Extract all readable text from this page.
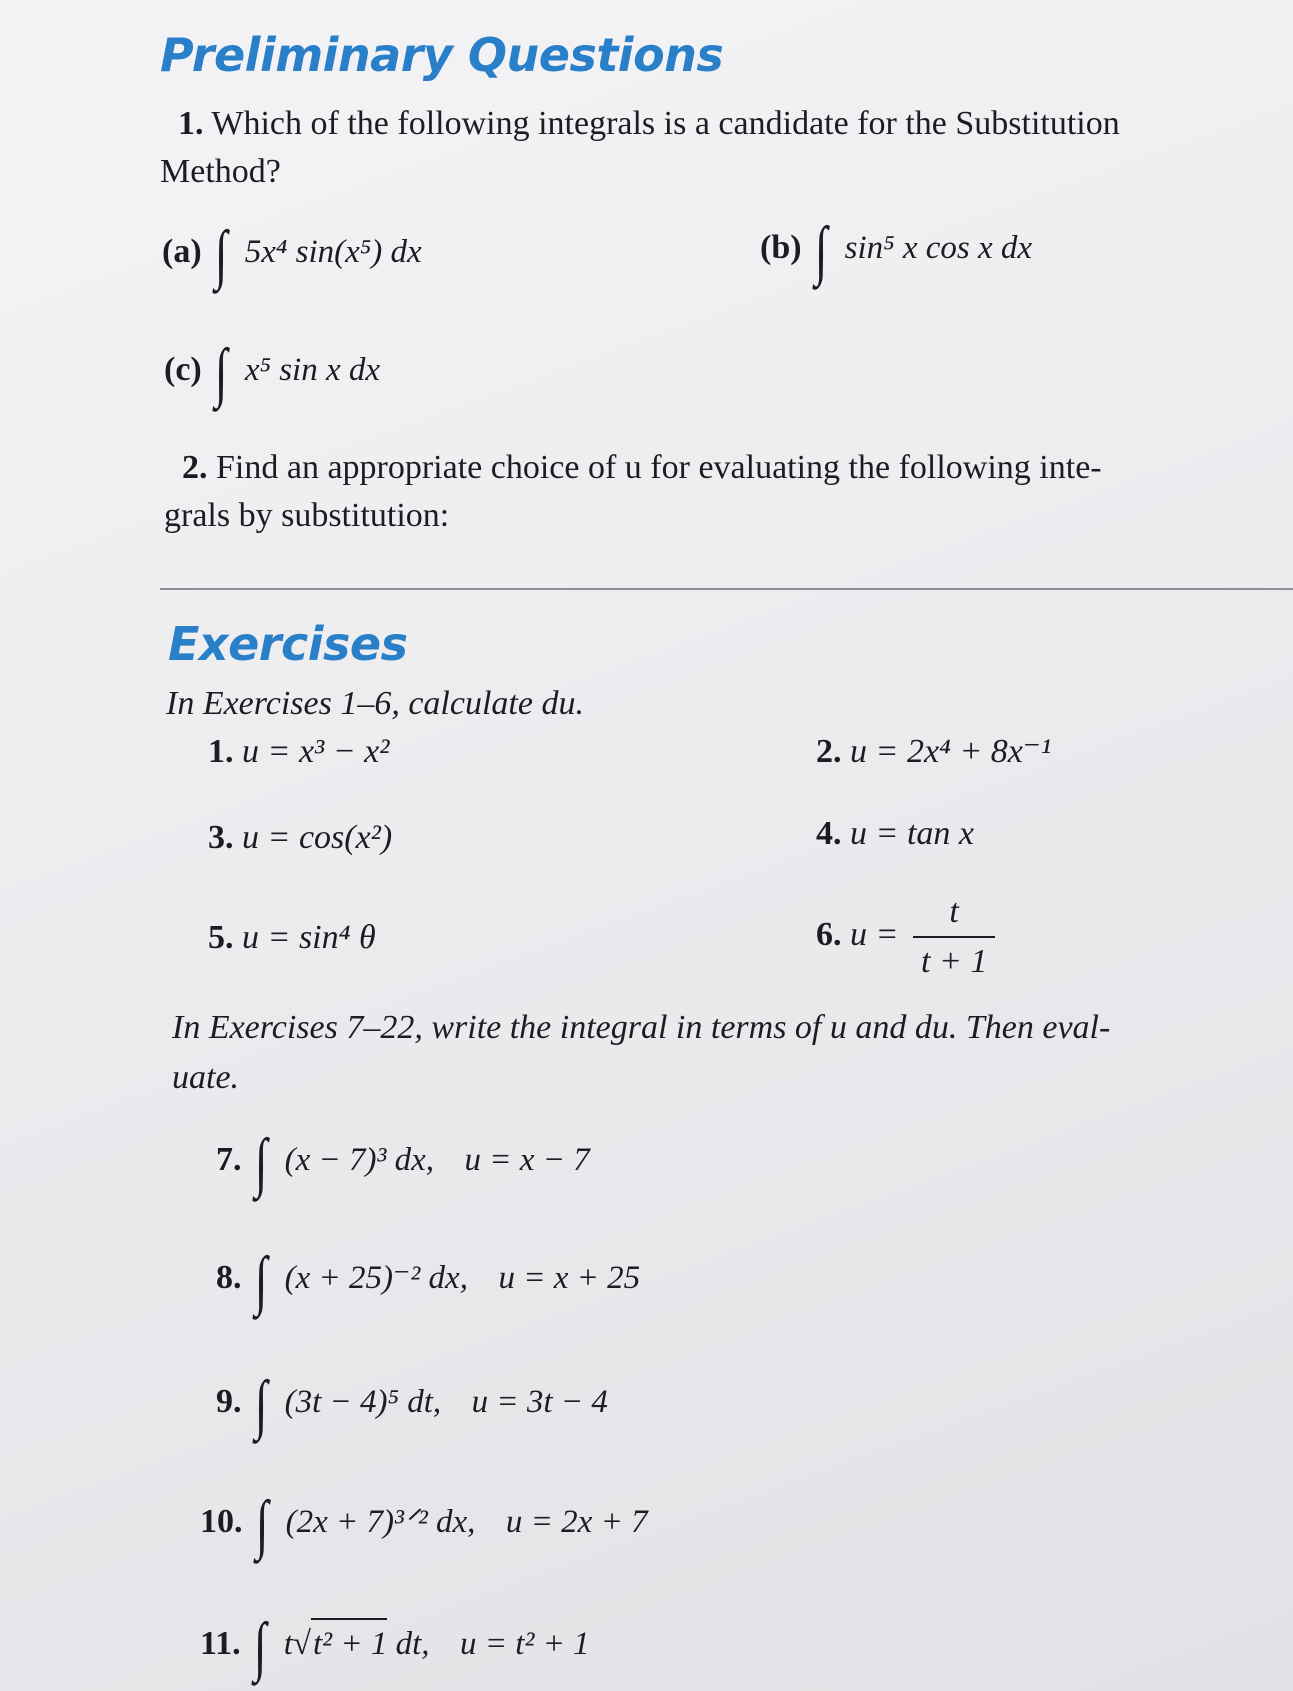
Preliminary Questions
1. Which of the following integrals is a candidate for the Substitution
Method?
(a) ∫ 5x⁴ sin(x⁵) dx	(b) ∫ sin⁵ x cos x dx
(c) ∫ x⁵ sin x dx
2. Find an appropriate choice of u for evaluating the following inte-
grals by substitution:
Exercises
In Exercises 1–6, calculate du.
1. u = x³ − x²	2. u = 2x⁴ + 8x⁻¹
3. u = cos(x²)	4. u = tan x
5. u = sin⁴ θ	6. $u = \frac{t}{t + 1}$
In Exercises 7–22, write the integral in terms of u and du. Then eval-
uate.
7. ∫ (x − 7)³ dx, u = x − 7
8. ∫ (x + 25)⁻² dx, u = x + 25
9. ∫ (3t − 4)⁵ dt, u = 3t − 4
10. ∫ (2x + 7)³ᐟ² dx, u = 2x + 7
11. ∫ t√t² + 1 dt, u = t² + 1
